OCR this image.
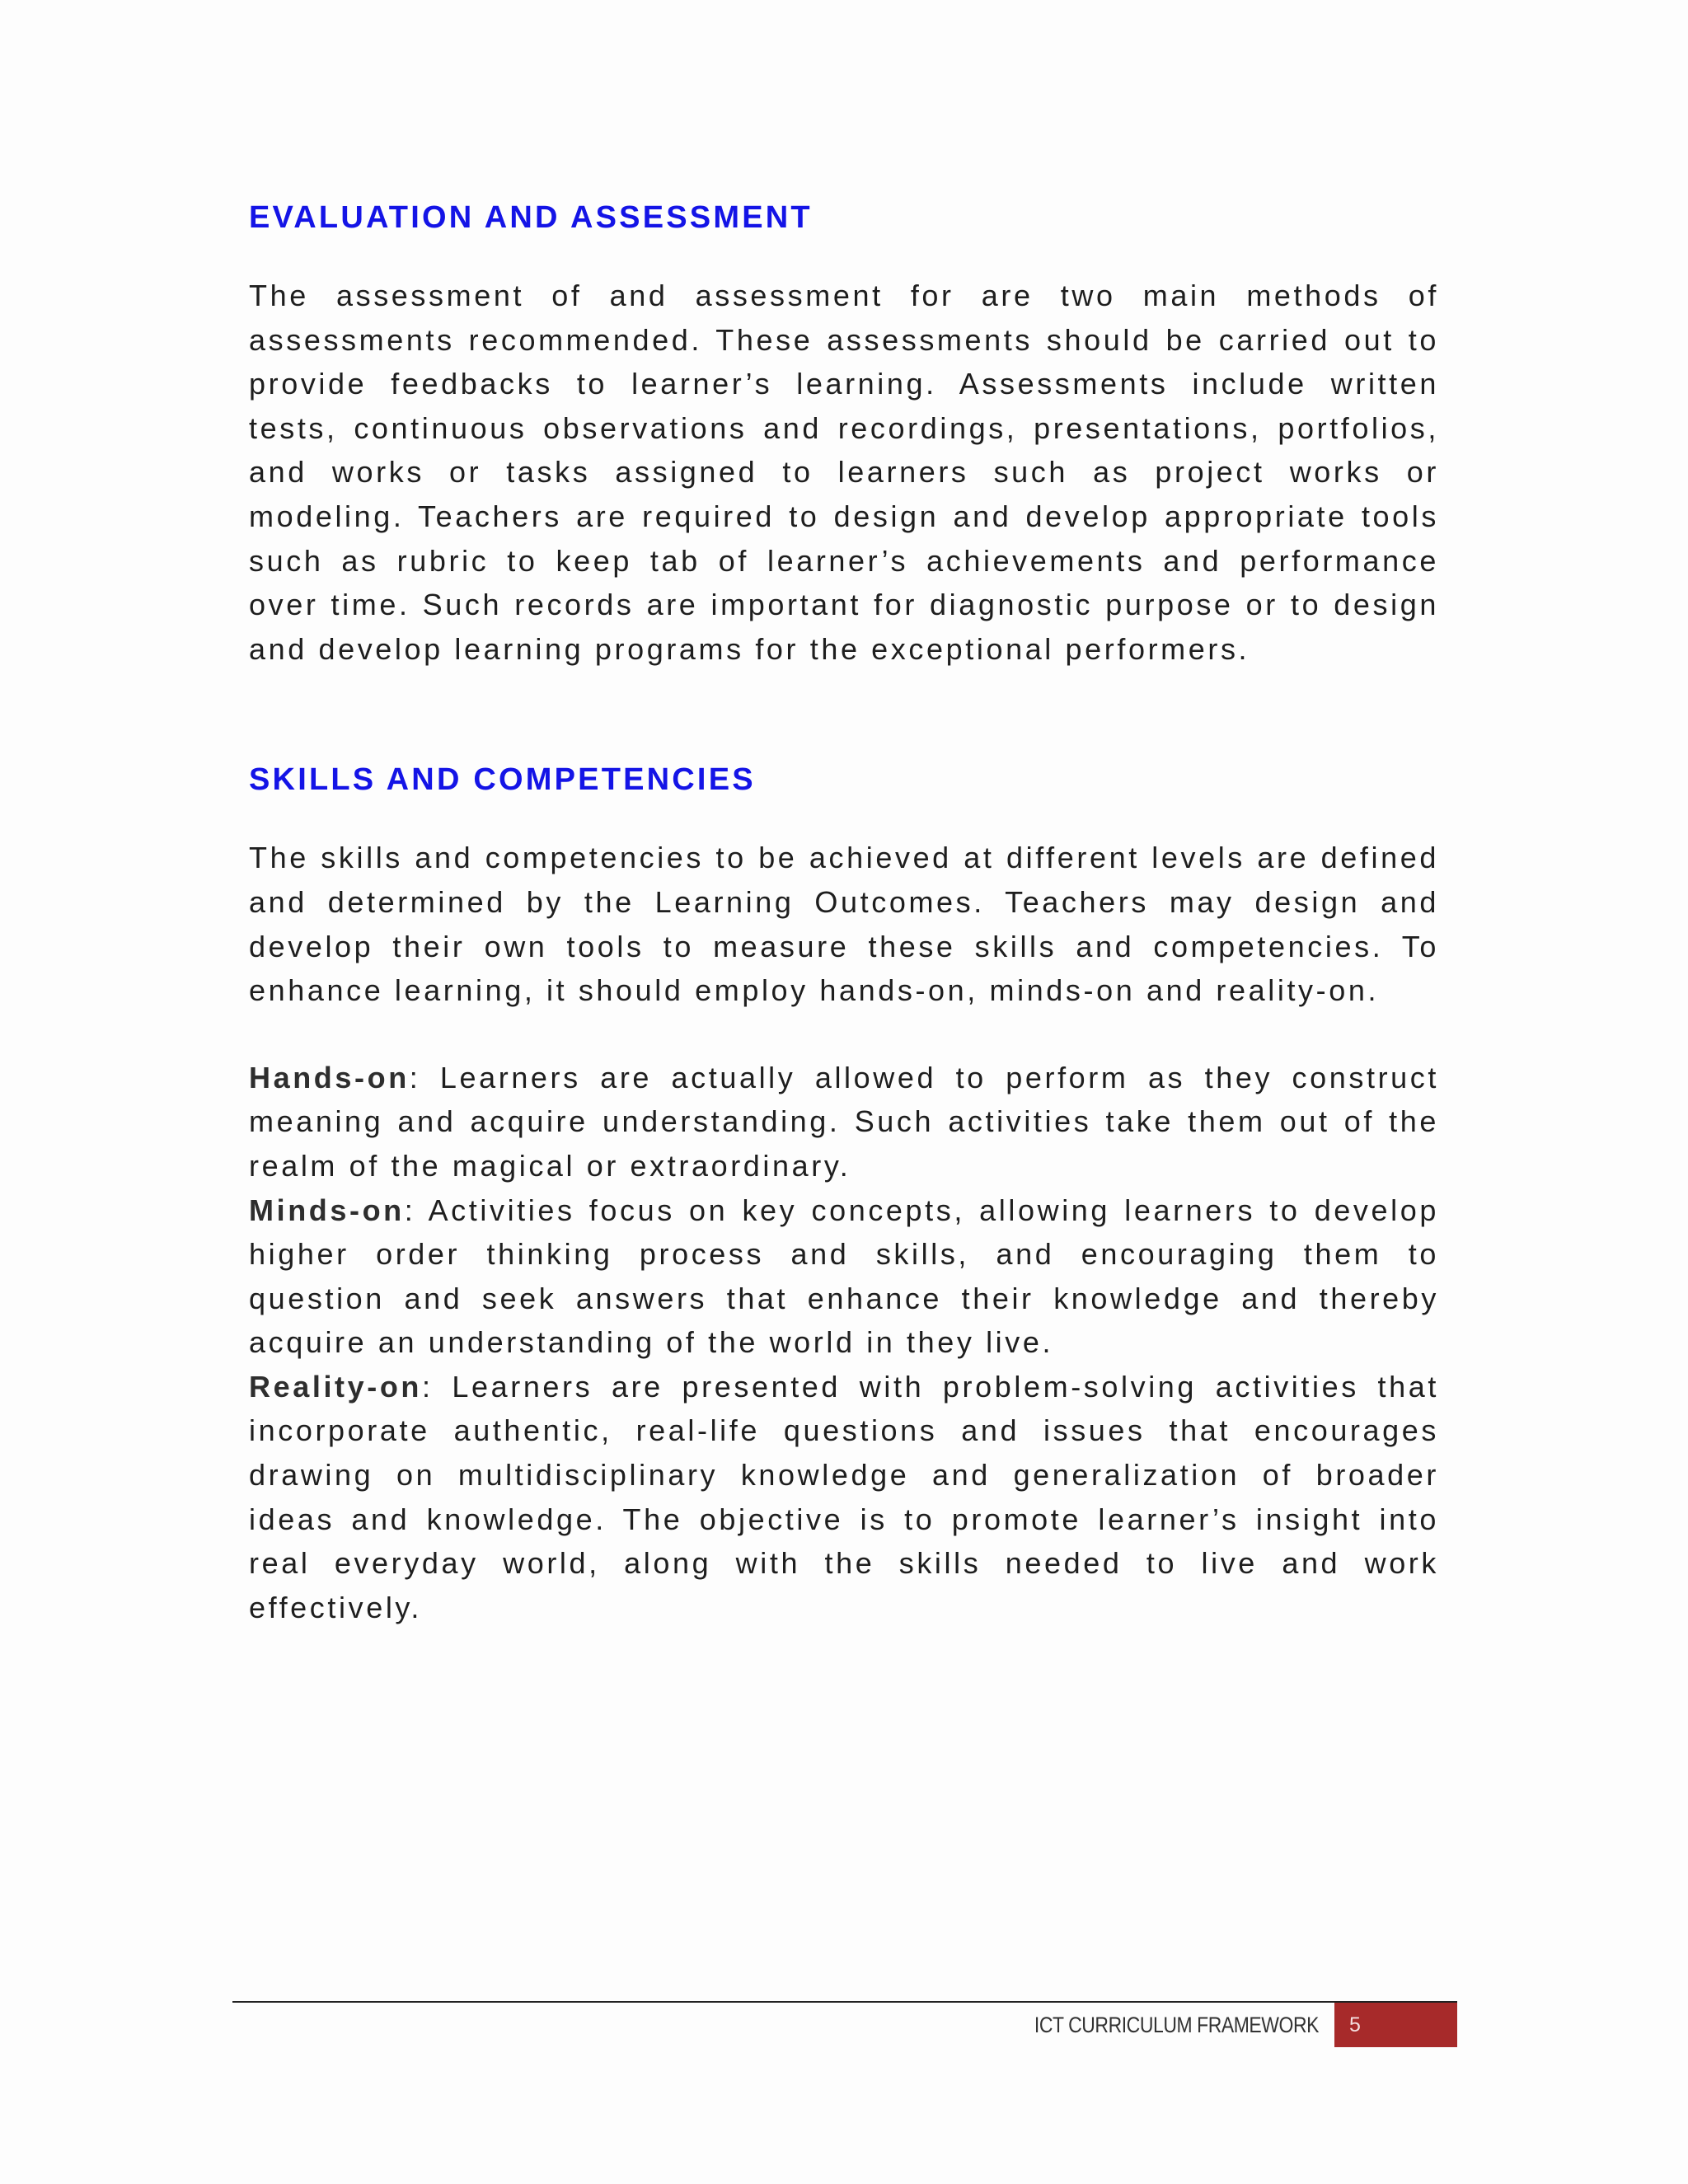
EVALUATION AND ASSESSMENT

The assessment of and assessment for are two main methods of assessments recommended. These assessments should be carried out to provide feedbacks to learner’s learning. Assessments include written tests, continuous observations and recordings, presentations, portfolios, and works or tasks assigned to learners such as project works or modeling. Teachers are required to design and develop appropriate tools such as rubric to keep tab of learner’s achievements and performance over time. Such records are important for diagnostic purpose or to design and develop learning programs for the exceptional performers.

SKILLS AND COMPETENCIES

The skills and competencies to be achieved at different levels are defined and determined by the Learning Outcomes. Teachers may design and develop their own tools to measure these skills and competencies. To enhance learning, it should employ hands-on, minds-on and reality-on.

Hands-on: Learners are actually allowed to perform as they construct meaning and acquire understanding. Such activities take them out of the realm of the magical or extraordinary.

Minds-on: Activities focus on key concepts, allowing learners to develop higher order thinking process and skills, and encouraging them to question and seek answers that enhance their knowledge and thereby acquire an understanding of the world in they live.

Reality-on: Learners are presented with problem-solving activities that incorporate authentic, real-life questions and issues that encourages drawing on multidisciplinary knowledge and generalization of broader ideas and knowledge. The objective is to promote learner’s insight into real everyday world, along with the skills needed to live and work effectively.

ICT CURRICULUM FRAMEWORK	5
